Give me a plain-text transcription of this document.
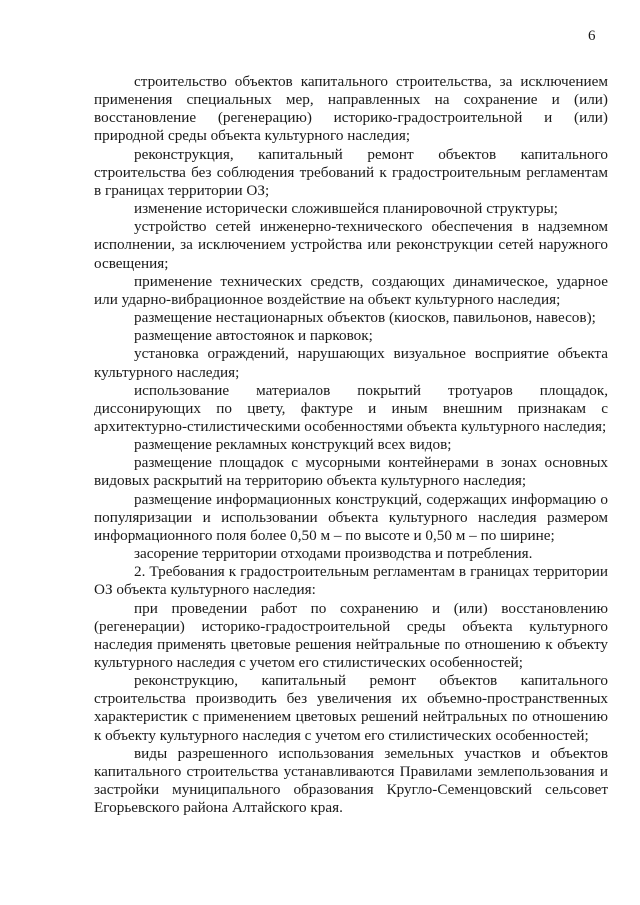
6

строительство объектов капитального строительства, за исключением применения специальных мер, направленных на сохранение и (или) восстановление (регенерацию) историко-градостроительной и (или) природной среды объекта культурного наследия;

реконструкция, капитальный ремонт объектов капитального строительства без соблюдения требований к градостроительным регламентам в границах территории ОЗ;

изменение исторически сложившейся планировочной структуры;

устройство сетей инженерно-технического обеспечения в надземном исполнении, за исключением устройства или реконструкции сетей наружного освещения;

применение технических средств, создающих динамическое, ударное или ударно-вибрационное воздействие на объект культурного наследия;

размещение нестационарных объектов (киосков, павильонов, навесов);

размещение автостоянок и парковок;

установка ограждений, нарушающих визуальное восприятие объекта культурного наследия;

использование материалов покрытий тротуаров площадок, диссонирующих по цвету, фактуре и иным внешним признакам с архитектурно-стилистическими особенностями объекта культурного наследия;

размещение рекламных конструкций всех видов;

размещение площадок с мусорными контейнерами в зонах основных видовых раскрытий на территорию объекта культурного наследия;

размещение информационных конструкций, содержащих информацию о популяризации и использовании объекта культурного наследия размером информационного поля более 0,50 м – по высоте и 0,50 м – по ширине;

засорение территории отходами производства и потребления.

2. Требования к градостроительным регламентам в границах территории ОЗ объекта культурного наследия:

при проведении работ по сохранению и (или) восстановлению (регенерации) историко-градостроительной среды объекта культурного наследия применять цветовые решения нейтральные по отношению к объекту культурного наследия с учетом его стилистических особенностей;

реконструкцию, капитальный ремонт объектов капитального строительства производить без увеличения их объемно-пространственных характеристик с применением цветовых решений нейтральных по отношению к объекту культурного наследия с учетом его стилистических особенностей;

виды разрешенного использования земельных участков и объектов капитального строительства устанавливаются Правилами землепользования и застройки муниципального образования Кругло-Семенцовский сельсовет Егорьевского района Алтайского края.
